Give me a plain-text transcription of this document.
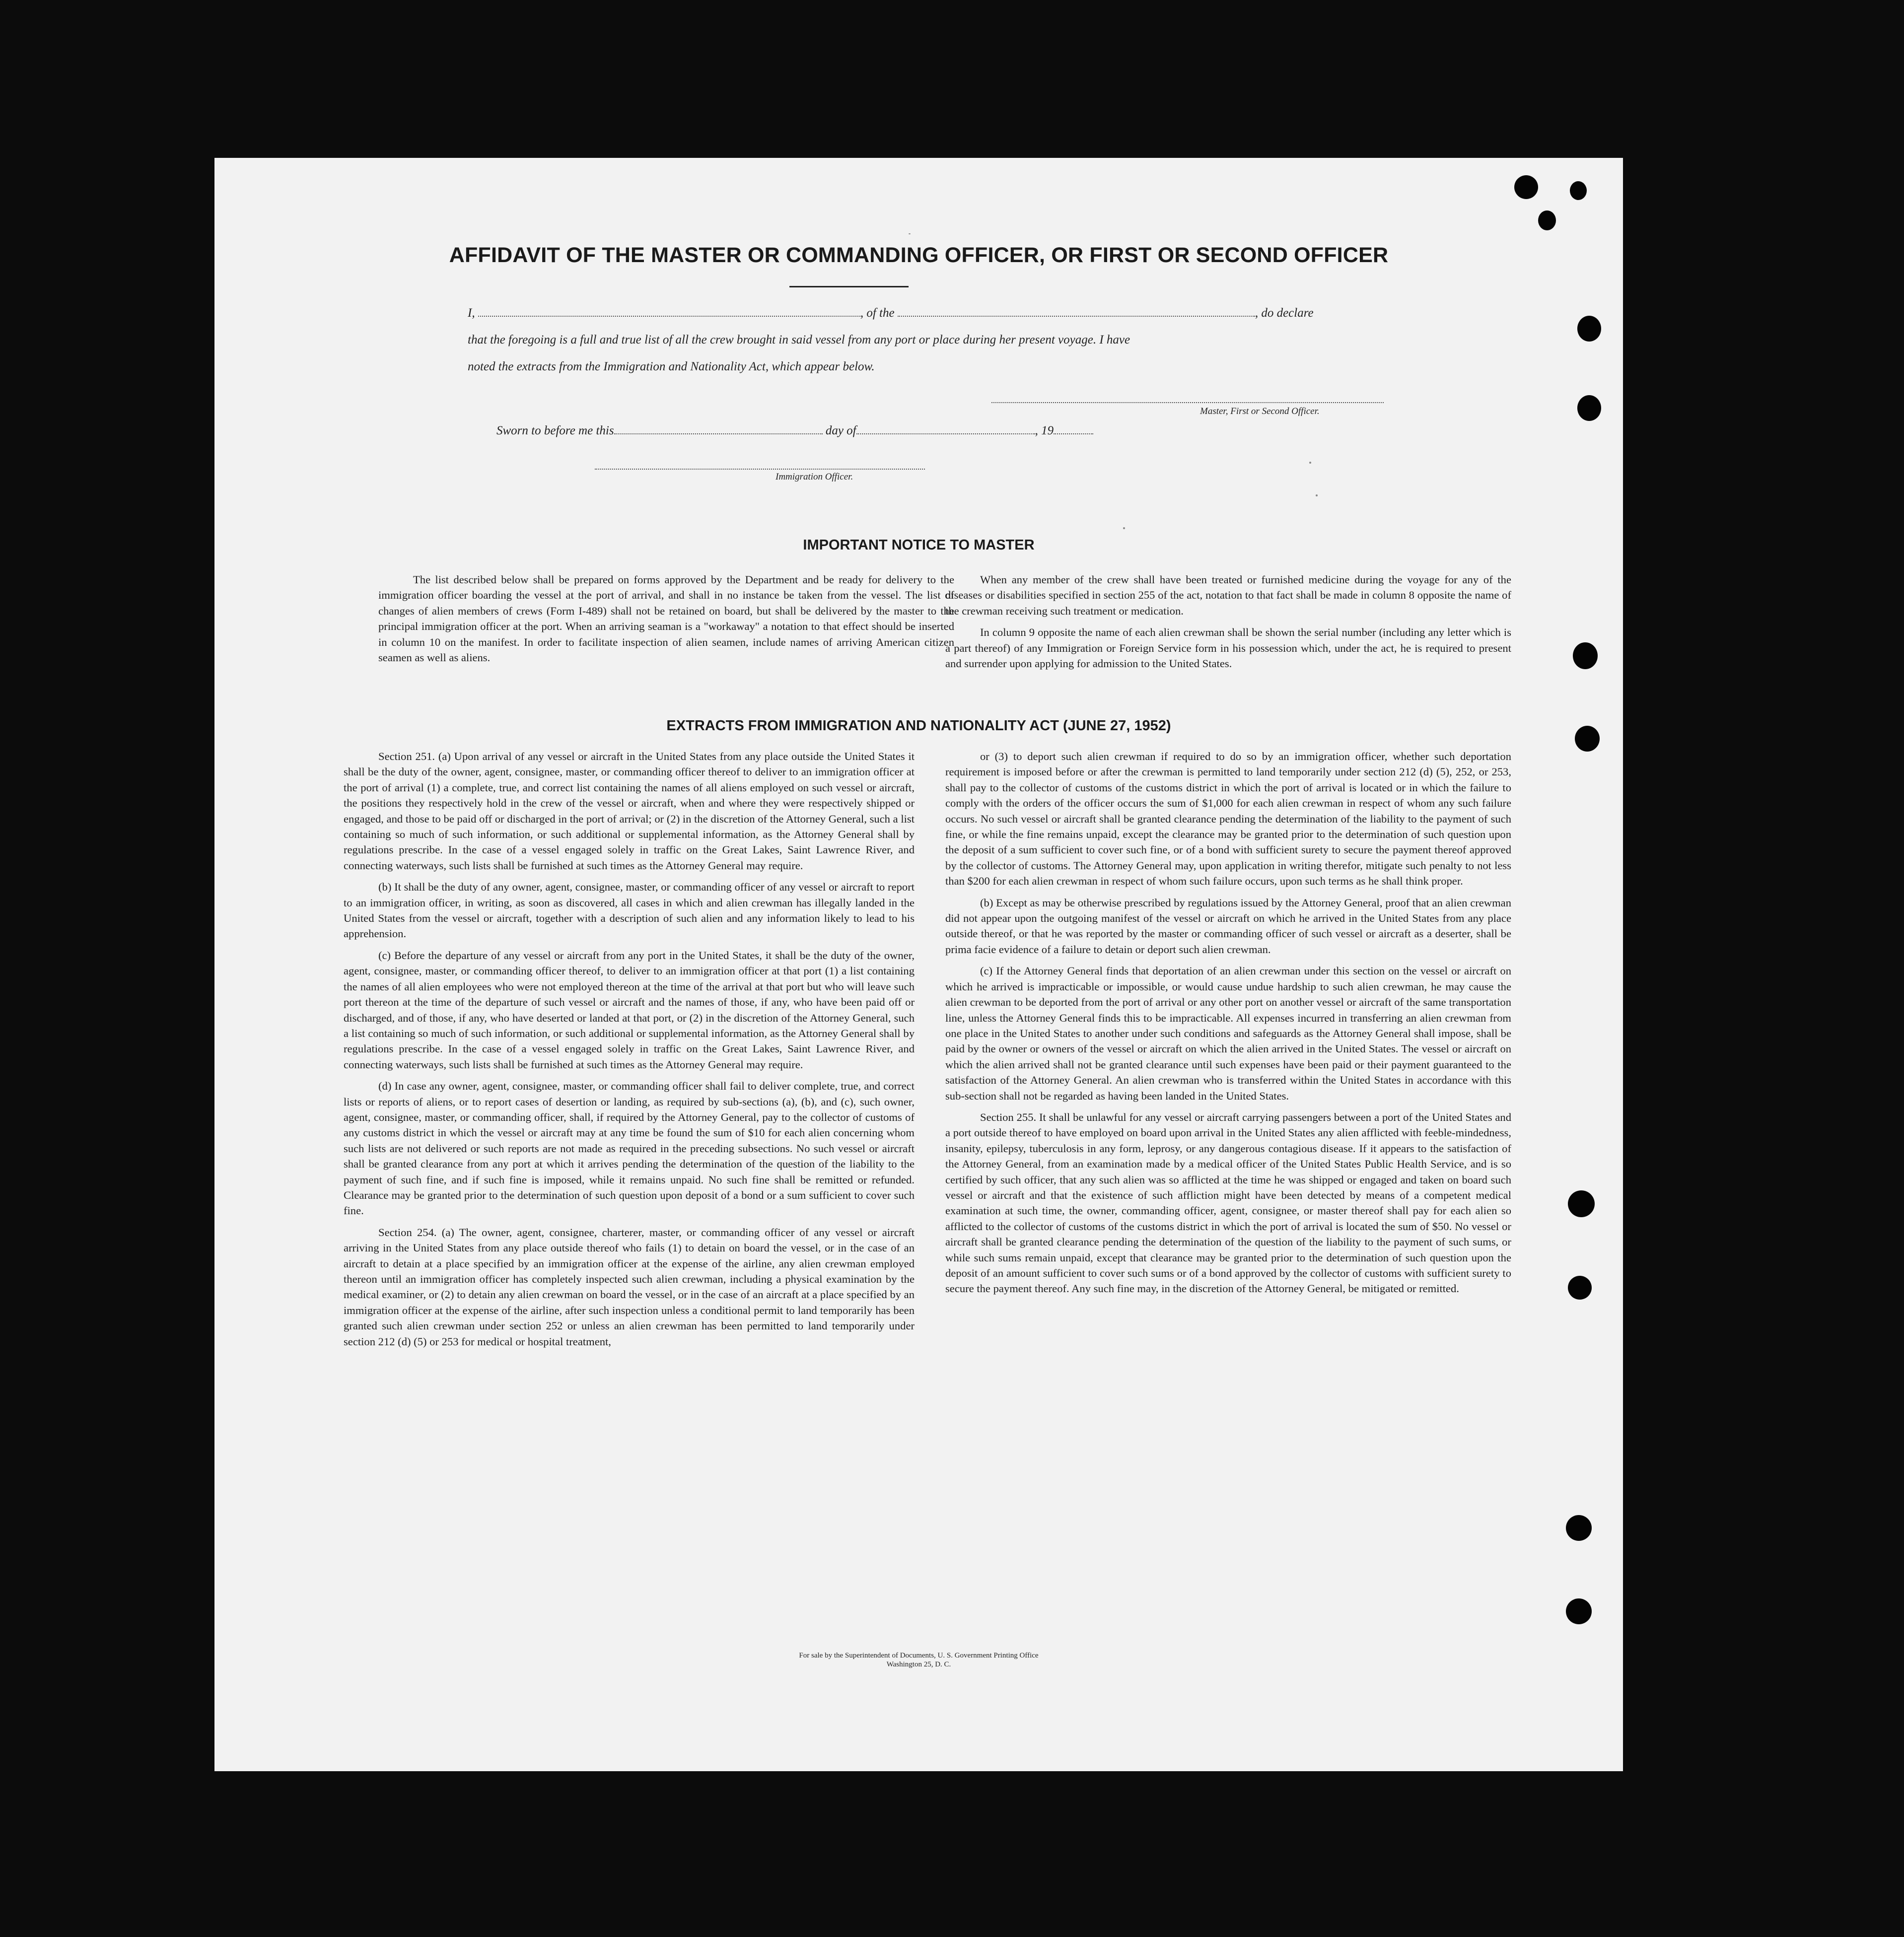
AFFIDAVIT OF THE MASTER OR COMMANDING OFFICER, OR FIRST OR SECOND OFFICER
I,	, of the	, do declare
that the foregoing is a full and true list of all the crew brought in said vessel from any port or place during her present voyage. I have
noted the extracts from the Immigration and Nationality Act, which appear below.
Master, First or Second Officer.
Sworn to before me this	day of	, 19
Immigration Officer.
IMPORTANT NOTICE TO MASTER

The list described below shall be prepared on forms approved by the Department and be ready for delivery to the immigration officer boarding the vessel at the port of arrival, and shall in no instance be taken from the vessel. The list of changes of alien members of crews (Form I-489) shall not be retained on board, but shall be delivered by the master to the principal immigration officer at the port. When an arriving seaman is a "workaway" a notation to that effect should be inserted in column 10 on the manifest. In order to facilitate inspection of alien seamen, include names of arriving American citizen seamen as well as aliens.

When any member of the crew shall have been treated or furnished medicine during the voyage for any of the diseases or disabilities specified in section 255 of the act, notation to that fact shall be made in column 8 opposite the name of the crewman receiving such treatment or medication.

In column 9 opposite the name of each alien crewman shall be shown the serial number (including any letter which is a part thereof) of any Immigration or Foreign Service form in his possession which, under the act, he is required to present and surrender upon applying for admission to the United States.

EXTRACTS FROM IMMIGRATION AND NATIONALITY ACT (JUNE 27, 1952)

Section 251. (a) Upon arrival of any vessel or aircraft in the United States from any place outside the United States it shall be the duty of the owner, agent, consignee, master, or commanding officer thereof to deliver to an immigration officer at the port of arrival (1) a complete, true, and correct list containing the names of all aliens employed on such vessel or aircraft, the positions they respectively hold in the crew of the vessel or aircraft, when and where they were respectively shipped or engaged, and those to be paid off or discharged in the port of arrival; or (2) in the discretion of the Attorney General, such a list containing so much of such information, or such additional or supplemental information, as the Attorney General shall by regulations prescribe. In the case of a vessel engaged solely in traffic on the Great Lakes, Saint Lawrence River, and connecting waterways, such lists shall be furnished at such times as the Attorney General may require.

(b) It shall be the duty of any owner, agent, consignee, master, or commanding officer of any vessel or aircraft to report to an immigration officer, in writing, as soon as discovered, all cases in which and alien crewman has illegally landed in the United States from the vessel or aircraft, together with a description of such alien and any information likely to lead to his apprehension.

(c) Before the departure of any vessel or aircraft from any port in the United States, it shall be the duty of the owner, agent, consignee, master, or commanding officer thereof, to deliver to an immigration officer at that port (1) a list containing the names of all alien employees who were not employed thereon at the time of the arrival at that port but who will leave such port thereon at the time of the departure of such vessel or aircraft and the names of those, if any, who have been paid off or discharged, and of those, if any, who have deserted or landed at that port, or (2) in the discretion of the Attorney General, such a list containing so much of such information, or such additional or supplemental information, as the Attorney General shall by regulations prescribe. In the case of a vessel engaged solely in traffic on the Great Lakes, Saint Lawrence River, and connecting waterways, such lists shall be furnished at such times as the Attorney General may require.

(d) In case any owner, agent, consignee, master, or commanding officer shall fail to deliver complete, true, and correct lists or reports of aliens, or to report cases of desertion or landing, as required by sub-sections (a), (b), and (c), such owner, agent, consignee, master, or commanding officer, shall, if required by the Attorney General, pay to the collector of customs of any customs district in which the vessel or aircraft may at any time be found the sum of $10 for each alien concerning whom such lists are not delivered or such reports are not made as required in the preceding subsections. No such vessel or aircraft shall be granted clearance from any port at which it arrives pending the determination of the question of the liability to the payment of such fine, and if such fine is imposed, while it remains unpaid. No such fine shall be remitted or refunded. Clearance may be granted prior to the determination of such question upon deposit of a bond or a sum sufficient to cover such fine.

Section 254. (a) The owner, agent, consignee, charterer, master, or commanding officer of any vessel or aircraft arriving in the United States from any place outside thereof who fails (1) to detain on board the vessel, or in the case of an aircraft to detain at a place specified by an immigration officer at the expense of the airline, any alien crewman employed thereon until an immigration officer has completely inspected such alien crewman, including a physical examination by the medical examiner, or (2) to detain any alien crewman on board the vessel, or in the case of an aircraft at a place specified by an immigration officer at the expense of the airline, after such inspection unless a conditional permit to land temporarily has been granted such alien crewman under section 252 or unless an alien crewman has been permitted to land temporarily under section 212 (d) (5) or 253 for medical or hospital treatment,

or (3) to deport such alien crewman if required to do so by an immigration officer, whether such deportation requirement is imposed before or after the crewman is permitted to land temporarily under section 212 (d) (5), 252, or 253, shall pay to the collector of customs of the customs district in which the port of arrival is located or in which the failure to comply with the orders of the officer occurs the sum of $1,000 for each alien crewman in respect of whom any such failure occurs. No such vessel or aircraft shall be granted clearance pending the determination of the liability to the payment of such fine, or while the fine remains unpaid, except the clearance may be granted prior to the determination of such question upon the deposit of a sum sufficient to cover such fine, or of a bond with sufficient surety to secure the payment thereof approved by the collector of customs. The Attorney General may, upon application in writing therefor, mitigate such penalty to not less than $200 for each alien crewman in respect of whom such failure occurs, upon such terms as he shall think proper.

(b) Except as may be otherwise prescribed by regulations issued by the Attorney General, proof that an alien crewman did not appear upon the outgoing manifest of the vessel or aircraft on which he arrived in the United States from any place outside thereof, or that he was reported by the master or commanding officer of such vessel or aircraft as a deserter, shall be prima facie evidence of a failure to detain or deport such alien crewman.

(c) If the Attorney General finds that deportation of an alien crewman under this section on the vessel or aircraft on which he arrived is impracticable or impossible, or would cause undue hardship to such alien crewman, he may cause the alien crewman to be deported from the port of arrival or any other port on another vessel or aircraft of the same transportation line, unless the Attorney General finds this to be impracticable. All expenses incurred in transferring an alien crewman from one place in the United States to another under such conditions and safeguards as the Attorney General shall impose, shall be paid by the owner or owners of the vessel or aircraft on which the alien arrived in the United States. The vessel or aircraft on which the alien arrived shall not be granted clearance until such expenses have been paid or their payment guaranteed to the satisfaction of the Attorney General. An alien crewman who is transferred within the United States in accordance with this sub-section shall not be regarded as having been landed in the United States.

Section 255. It shall be unlawful for any vessel or aircraft carrying passengers between a port of the United States and a port outside thereof to have employed on board upon arrival in the United States any alien afflicted with feeble-mindedness, insanity, epilepsy, tuberculosis in any form, leprosy, or any dangerous contagious disease. If it appears to the satisfaction of the Attorney General, from an examination made by a medical officer of the United States Public Health Service, and is so certified by such officer, that any such alien was so afflicted at the time he was shipped or engaged and taken on board such vessel or aircraft and that the existence of such affliction might have been detected by means of a competent medical examination at such time, the owner, commanding officer, agent, consignee, or master thereof shall pay for each alien so afflicted to the collector of customs of the customs district in which the port of arrival is located the sum of $50. No vessel or aircraft shall be granted clearance pending the determination of the question of the liability to the payment of such sums, or while such sums remain unpaid, except that clearance may be granted prior to the determination of such question upon the deposit of an amount sufficient to cover such sums or of a bond approved by the collector of customs with sufficient surety to secure the payment thereof. Any such fine may, in the discretion of the Attorney General, be mitigated or remitted.

For sale by the Superintendent of Documents, U. S. Government Printing Office
Washington 25, D. C.
